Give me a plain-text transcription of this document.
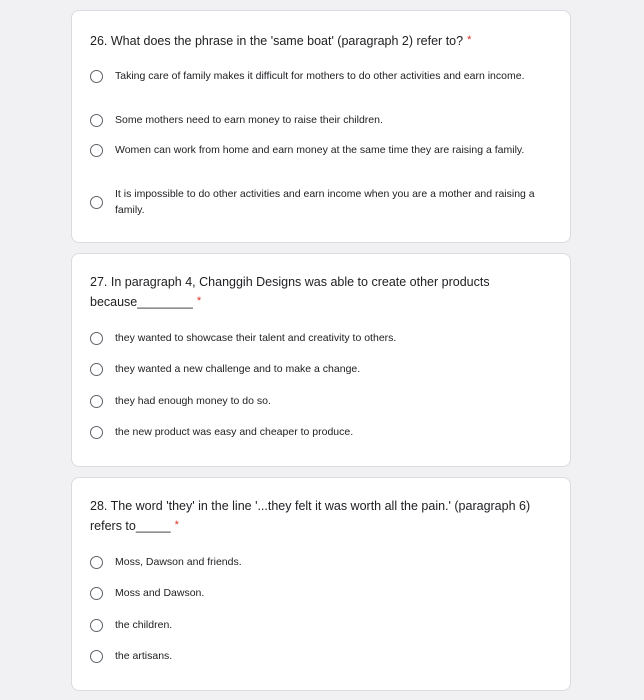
26. What does the phrase in the 'same boat' (paragraph 2) refer to? *
Taking care of family makes it difficult for mothers to do other activities and earn income.
Some mothers need to earn money to raise their children.
Women can work from home and earn money at the same time they are raising a family.
It is impossible to do other activities and earn income when you are a mother and raising a family.
27. In paragraph 4, Changgih Designs was able to create other products because________ *
they wanted to showcase their talent and creativity to others.
they wanted a new challenge and to make a change.
they had enough money to do so.
the new product was easy and cheaper to produce.
28. The word 'they' in the line '...they felt it was worth all the pain.' (paragraph 6) refers to_____ *
Moss, Dawson and friends.
Moss and Dawson.
the children.
the artisans.
